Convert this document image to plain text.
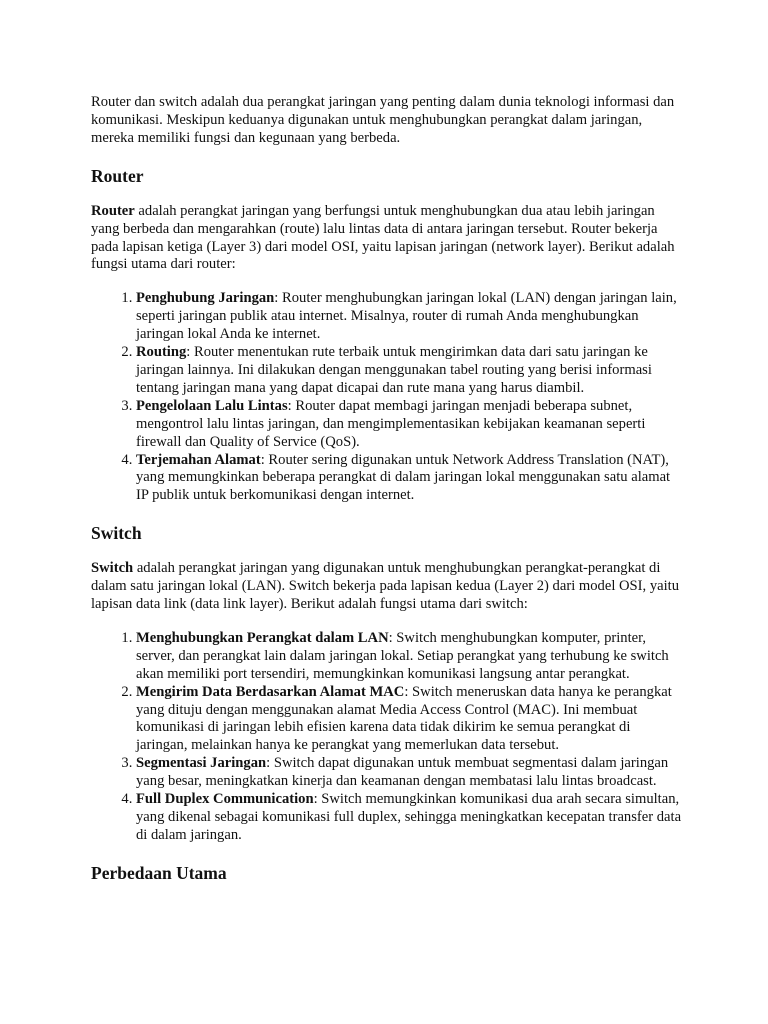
Router dan switch adalah dua perangkat jaringan yang penting dalam dunia teknologi informasi dan komunikasi. Meskipun keduanya digunakan untuk menghubungkan perangkat dalam jaringan, mereka memiliki fungsi dan kegunaan yang berbeda.

Router

Router adalah perangkat jaringan yang berfungsi untuk menghubungkan dua atau lebih jaringan yang berbeda dan mengarahkan (route) lalu lintas data di antara jaringan tersebut. Router bekerja pada lapisan ketiga (Layer 3) dari model OSI, yaitu lapisan jaringan (network layer). Berikut adalah fungsi utama dari router:

1. Penghubung Jaringan: Router menghubungkan jaringan lokal (LAN) dengan jaringan lain, seperti jaringan publik atau internet. Misalnya, router di rumah Anda menghubungkan jaringan lokal Anda ke internet.
2. Routing: Router menentukan rute terbaik untuk mengirimkan data dari satu jaringan ke jaringan lainnya. Ini dilakukan dengan menggunakan tabel routing yang berisi informasi tentang jaringan mana yang dapat dicapai dan rute mana yang harus diambil.
3. Pengelolaan Lalu Lintas: Router dapat membagi jaringan menjadi beberapa subnet, mengontrol lalu lintas jaringan, dan mengimplementasikan kebijakan keamanan seperti firewall dan Quality of Service (QoS).
4. Terjemahan Alamat: Router sering digunakan untuk Network Address Translation (NAT), yang memungkinkan beberapa perangkat di dalam jaringan lokal menggunakan satu alamat IP publik untuk berkomunikasi dengan internet.
Switch

Switch adalah perangkat jaringan yang digunakan untuk menghubungkan perangkat-perangkat di dalam satu jaringan lokal (LAN). Switch bekerja pada lapisan kedua (Layer 2) dari model OSI, yaitu lapisan data link (data link layer). Berikut adalah fungsi utama dari switch:

1. Menghubungkan Perangkat dalam LAN: Switch menghubungkan komputer, printer, server, dan perangkat lain dalam jaringan lokal. Setiap perangkat yang terhubung ke switch akan memiliki port tersendiri, memungkinkan komunikasi langsung antar perangkat.
2. Mengirim Data Berdasarkan Alamat MAC: Switch meneruskan data hanya ke perangkat yang dituju dengan menggunakan alamat Media Access Control (MAC). Ini membuat komunikasi di jaringan lebih efisien karena data tidak dikirim ke semua perangkat di jaringan, melainkan hanya ke perangkat yang memerlukan data tersebut.
3. Segmentasi Jaringan: Switch dapat digunakan untuk membuat segmentasi dalam jaringan yang besar, meningkatkan kinerja dan keamanan dengan membatasi lalu lintas broadcast.
4. Full Duplex Communication: Switch memungkinkan komunikasi dua arah secara simultan, yang dikenal sebagai komunikasi full duplex, sehingga meningkatkan kecepatan transfer data di dalam jaringan.
Perbedaan Utama
